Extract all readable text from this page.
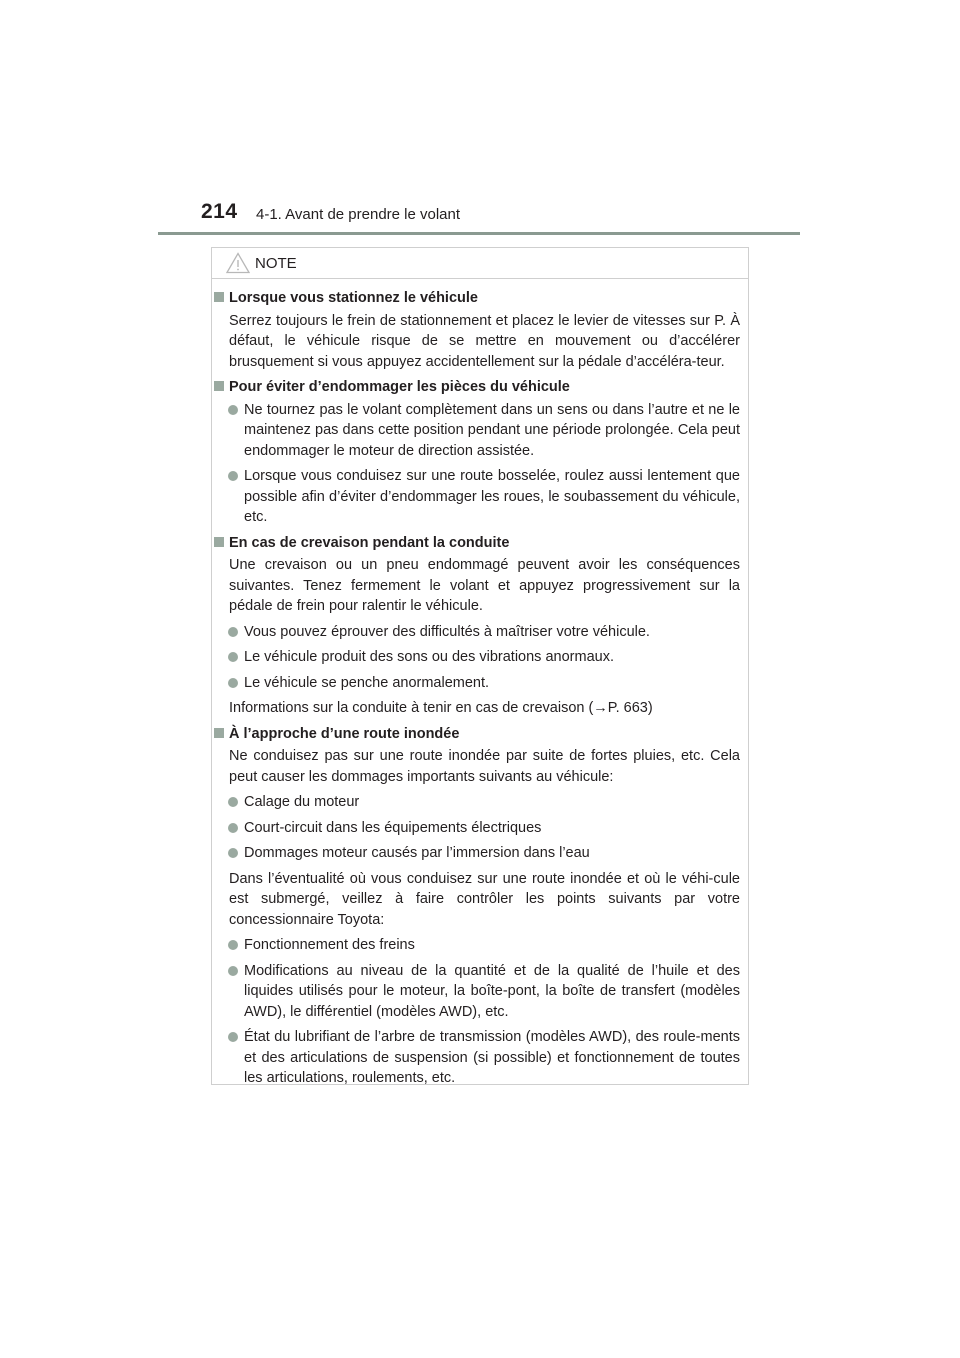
214 4-1. Avant de prendre le volant
NOTE
Lorsque vous stationnez le véhicule
Serrez toujours le frein de stationnement et placez le levier de vitesses sur P. À défaut, le véhicule risque de se mettre en mouvement ou d’accélérer brusquement si vous appuyez accidentellement sur la pédale d’accéléra-teur.
Pour éviter d’endommager les pièces du véhicule
Ne tournez pas le volant complètement dans un sens ou dans l’autre et ne le maintenez pas dans cette position pendant une période prolongée. Cela peut endommager le moteur de direction assistée.
Lorsque vous conduisez sur une route bosselée, roulez aussi lentement que possible afin d’éviter d’endommager les roues, le soubassement du véhicule, etc.
En cas de crevaison pendant la conduite
Une crevaison ou un pneu endommagé peuvent avoir les conséquences suivantes. Tenez fermement le volant et appuyez progressivement sur la pédale de frein pour ralentir le véhicule.
Vous pouvez éprouver des difficultés à maîtriser votre véhicule.
Le véhicule produit des sons ou des vibrations anormaux.
Le véhicule se penche anormalement.
Informations sur la conduite à tenir en cas de crevaison (→P. 663)
À l’approche d’une route inondée
Ne conduisez pas sur une route inondée par suite de fortes pluies, etc. Cela peut causer les dommages importants suivants au véhicule:
Calage du moteur
Court-circuit dans les équipements électriques
Dommages moteur causés par l’immersion dans l’eau
Dans l’éventualité où vous conduisez sur une route inondée et où le véhi-cule est submergé, veillez à faire contrôler les points suivants par votre concessionnaire Toyota:
Fonctionnement des freins
Modifications au niveau de la quantité et de la qualité de l’huile et des liquides utilisés pour le moteur, la boîte-pont, la boîte de transfert (modèles AWD), le différentiel (modèles AWD), etc.
État du lubrifiant de l’arbre de transmission (modèles AWD), des roule-ments et des articulations de suspension (si possible) et fonctionnement de toutes les articulations, roulements, etc.
